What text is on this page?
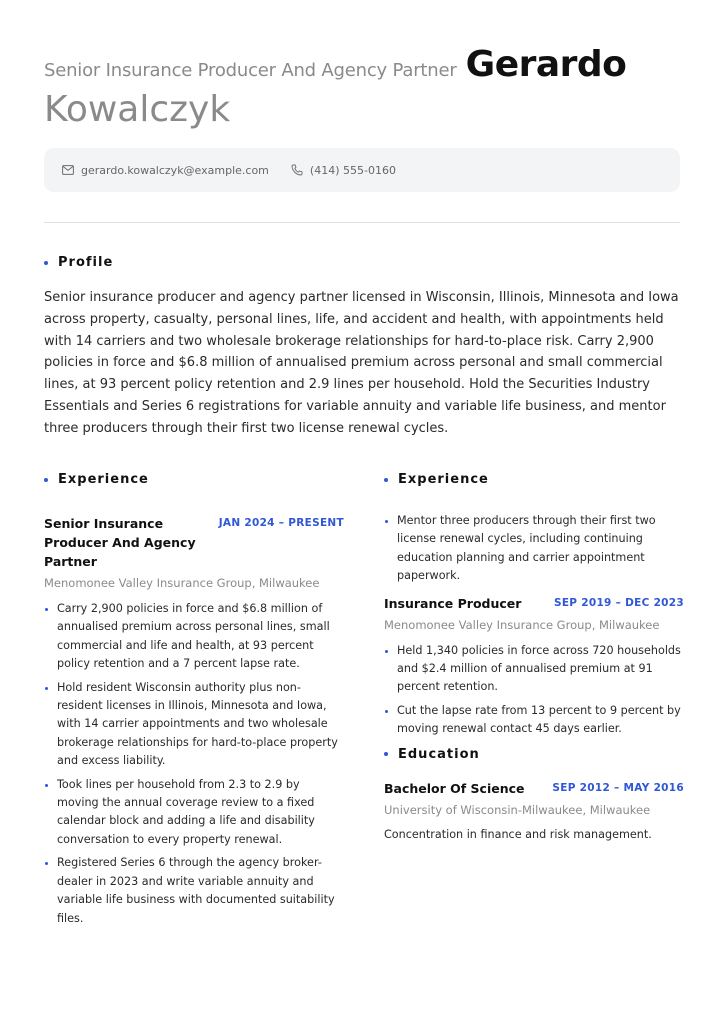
Senior Insurance Producer And Agency Partner Gerardo
Kowalczyk
gerardo.kowalczyk@example.com	(414) 555-0160
Profile
Senior insurance producer and agency partner licensed in Wisconsin, Illinois, Minnesota and Iowa across property, casualty, personal lines, life, and accident and health, with appointments held with 14 carriers and two wholesale brokerage relationships for hard-to-place risk. Carry 2,900 policies in force and $6.8 million of annualised premium across personal and small commercial lines, at 93 percent policy retention and 2.9 lines per household. Hold the Securities Industry Essentials and Series 6 registrations for variable annuity and variable life business, and mentor three producers through their first two license renewal cycles.
Experience
Senior Insurance Producer And Agency Partner
JAN 2024 – PRESENT
Menomonee Valley Insurance Group, Milwaukee
Carry 2,900 policies in force and $6.8 million of annualised premium across personal lines, small commercial and life and health, at 93 percent policy retention and a 7 percent lapse rate.
Hold resident Wisconsin authority plus non-resident licenses in Illinois, Minnesota and Iowa, with 14 carrier appointments and two wholesale brokerage relationships for hard-to-place property and excess liability.
Took lines per household from 2.3 to 2.9 by moving the annual coverage review to a fixed calendar block and adding a life and disability conversation to every property renewal.
Registered Series 6 through the agency broker-dealer in 2023 and write variable annuity and variable life business with documented suitability files.
Experience
Mentor three producers through their first two license renewal cycles, including continuing education planning and carrier appointment paperwork.
Insurance Producer	SEP 2019 – DEC 2023
Menomonee Valley Insurance Group, Milwaukee
Held 1,340 policies in force across 720 households and $2.4 million of annualised premium at 91 percent retention.
Cut the lapse rate from 13 percent to 9 percent by moving renewal contact 45 days earlier.
Education
Bachelor Of Science	SEP 2012 – MAY 2016
University of Wisconsin-Milwaukee, Milwaukee
Concentration in finance and risk management.
